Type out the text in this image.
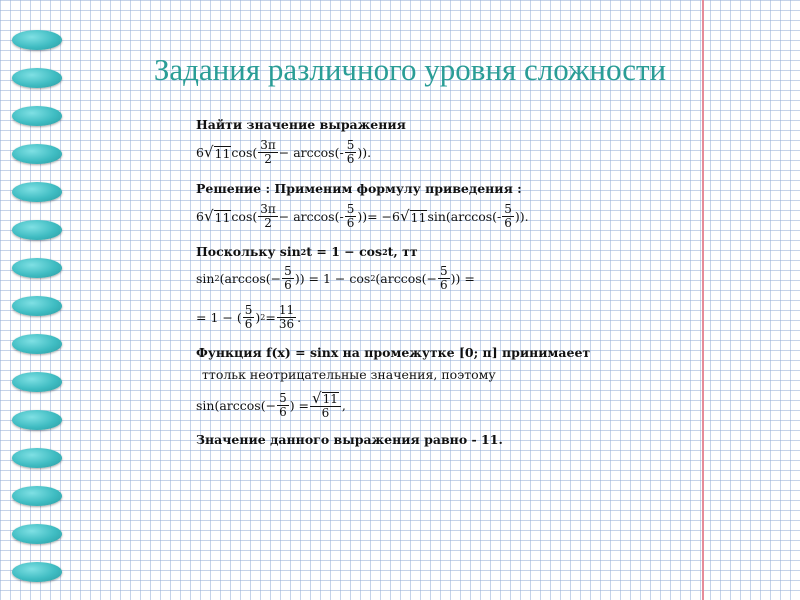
Задания различного уровня сложности
Найти значение выражения
6 √ 11 $\cos( \frac{3\pi}{2} - \arccos(- \frac{5}{6}$ )).
Решение : Применим формулу приведения :
6 √ 11 $\cos( \frac{3\pi}{2} - \arccos(- \frac{5}{6}$ )) = −6 √ 11 $\sin(\arccos(- \frac{5}{6}$ )).
Поскольку sin 2 t = 1 − cos 2 t, тт
sin 2 ($\arccos(- \frac{5}{6}$ )) = 1 − cos 2 ($\arccos(- \frac{5}{6}$ )) =
= 1 − ( $\frac{5}{6}$ ) $2 = \frac{11}{36}$ .
Функция f(x) = sinx на промежутке [0; π] принимаеет
ттольк неотрицательные значения, поэтому
$\sin(\arccos(- \frac{5}{6}$ ) = $\frac{√ 11}{6}$ ,
Значение данного выражения равно - 11.
